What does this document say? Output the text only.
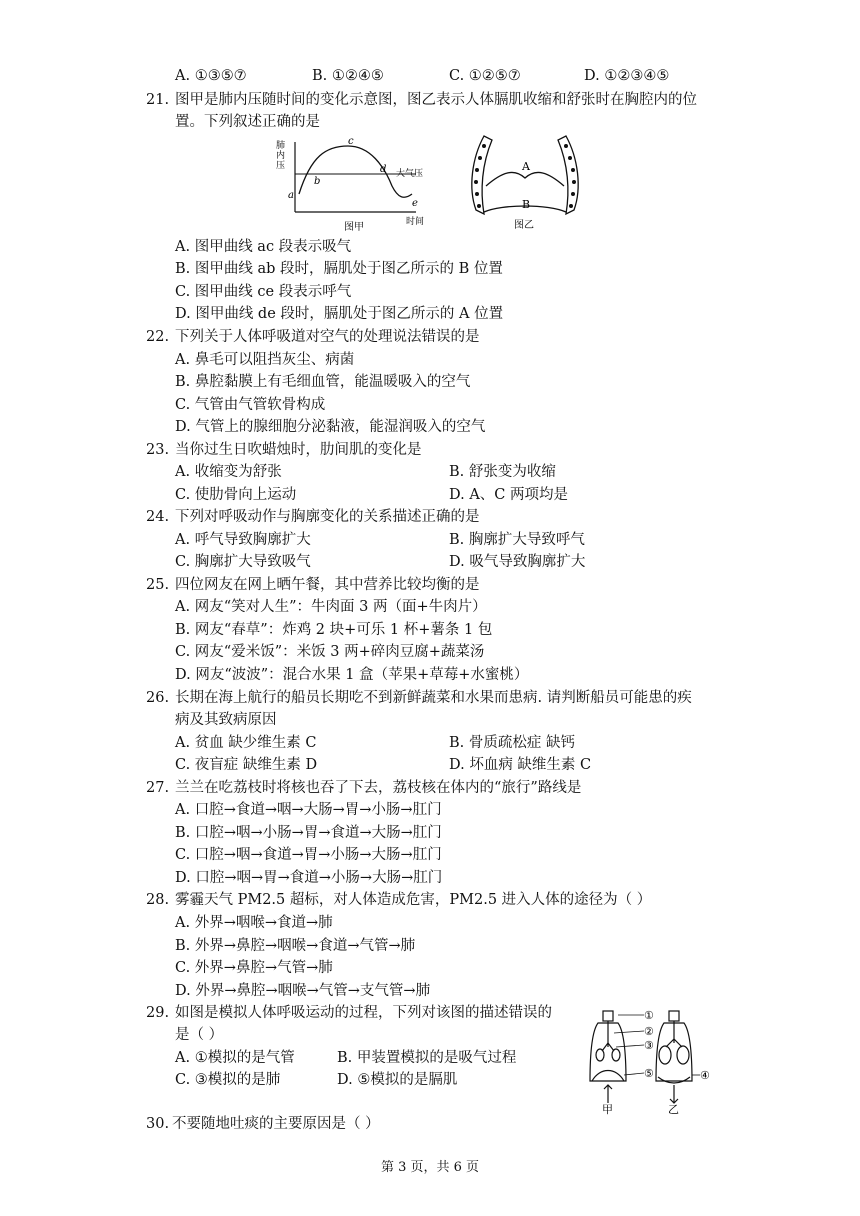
A. ①③⑤⑦	B. ①②④⑤	C. ①②⑤⑦	D. ①②③④⑤
21. 图甲是肺内压随时间的变化示意图，图乙表示人体膈肌收缩和舒张时在胸腔内的位
置。下列叙述正确的是
肺
内
压
a
b
c
d
e
大气压
时间
图甲
A
B
图乙
A. 图甲曲线 ac 段表示吸气
B. 图甲曲线 ab 段时，膈肌处于图乙所示的 B 位置
C. 图甲曲线 ce 段表示呼气
D. 图甲曲线 de 段时，膈肌处于图乙所示的 A 位置
22. 下列关于人体呼吸道对空气的处理说法错误的是
A. 鼻毛可以阻挡灰尘、病菌
B. 鼻腔黏膜上有毛细血管，能温暖吸入的空气
C. 气管由气管软骨构成
D. 气管上的腺细胞分泌黏液，能湿润吸入的空气
23. 当你过生日吹蜡烛时，肋间肌的变化是
A. 收缩变为舒张	B. 舒张变为收缩
C. 使肋骨向上运动	D. A、C 两项均是
24. 下列对呼吸动作与胸廓变化的关系描述正确的是
A. 呼气导致胸廓扩大	B. 胸廓扩大导致呼气
C. 胸廓扩大导致吸气	D. 吸气导致胸廓扩大
25. 四位网友在网上晒午餐，其中营养比较均衡的是
A. 网友“笑对人生”：牛肉面 3 两（面+牛肉片）
B. 网友“春草”：炸鸡 2 块+可乐 1 杯+薯条 1 包
C. 网友“爱米饭”：米饭 3 两+碎肉豆腐+蔬菜汤
D. 网友“波波”：混合水果 1 盒（苹果+草莓+水蜜桃）
26. 长期在海上航行的船员长期吃不到新鲜蔬菜和水果而患病. 请判断船员可能患的疾
病及其致病原因
A. 贫血 缺少维生素 C	B. 骨质疏松症 缺钙
C. 夜盲症 缺维生素 D	D. 坏血病 缺维生素 C
27. 兰兰在吃荔枝时将核也吞了下去，荔枝核在体内的“旅行”路线是
A. 口腔→食道→咽→大肠→胃→小肠→肛门
B. 口腔→咽→小肠→胃→食道→大肠→肛门
C. 口腔→咽→食道→胃→小肠→大肠→肛门
D. 口腔→咽→胃→食道→小肠→大肠→肛门
28. 雾霾天气 PM2.5 超标，对人体造成危害，PM2.5 进入人体的途径为（ ）
A. 外界→咽喉→食道→肺
B. 外界→鼻腔→咽喉→食道→气管→肺
C. 外界→鼻腔→气管→肺
D. 外界→鼻腔→咽喉→气管→支气管→肺
29. 如图是模拟人体呼吸运动的过程，下列对该图的描述错误的
是（ ）
A. ①模拟的是气管	B. 甲装置模拟的是吸气过程
C. ③模拟的是肺	D. ⑤模拟的是膈肌
①
②
③
④
⑤
甲	乙
30. 不要随地吐痰的主要原因是（ ）
第 3 页，共 6 页
